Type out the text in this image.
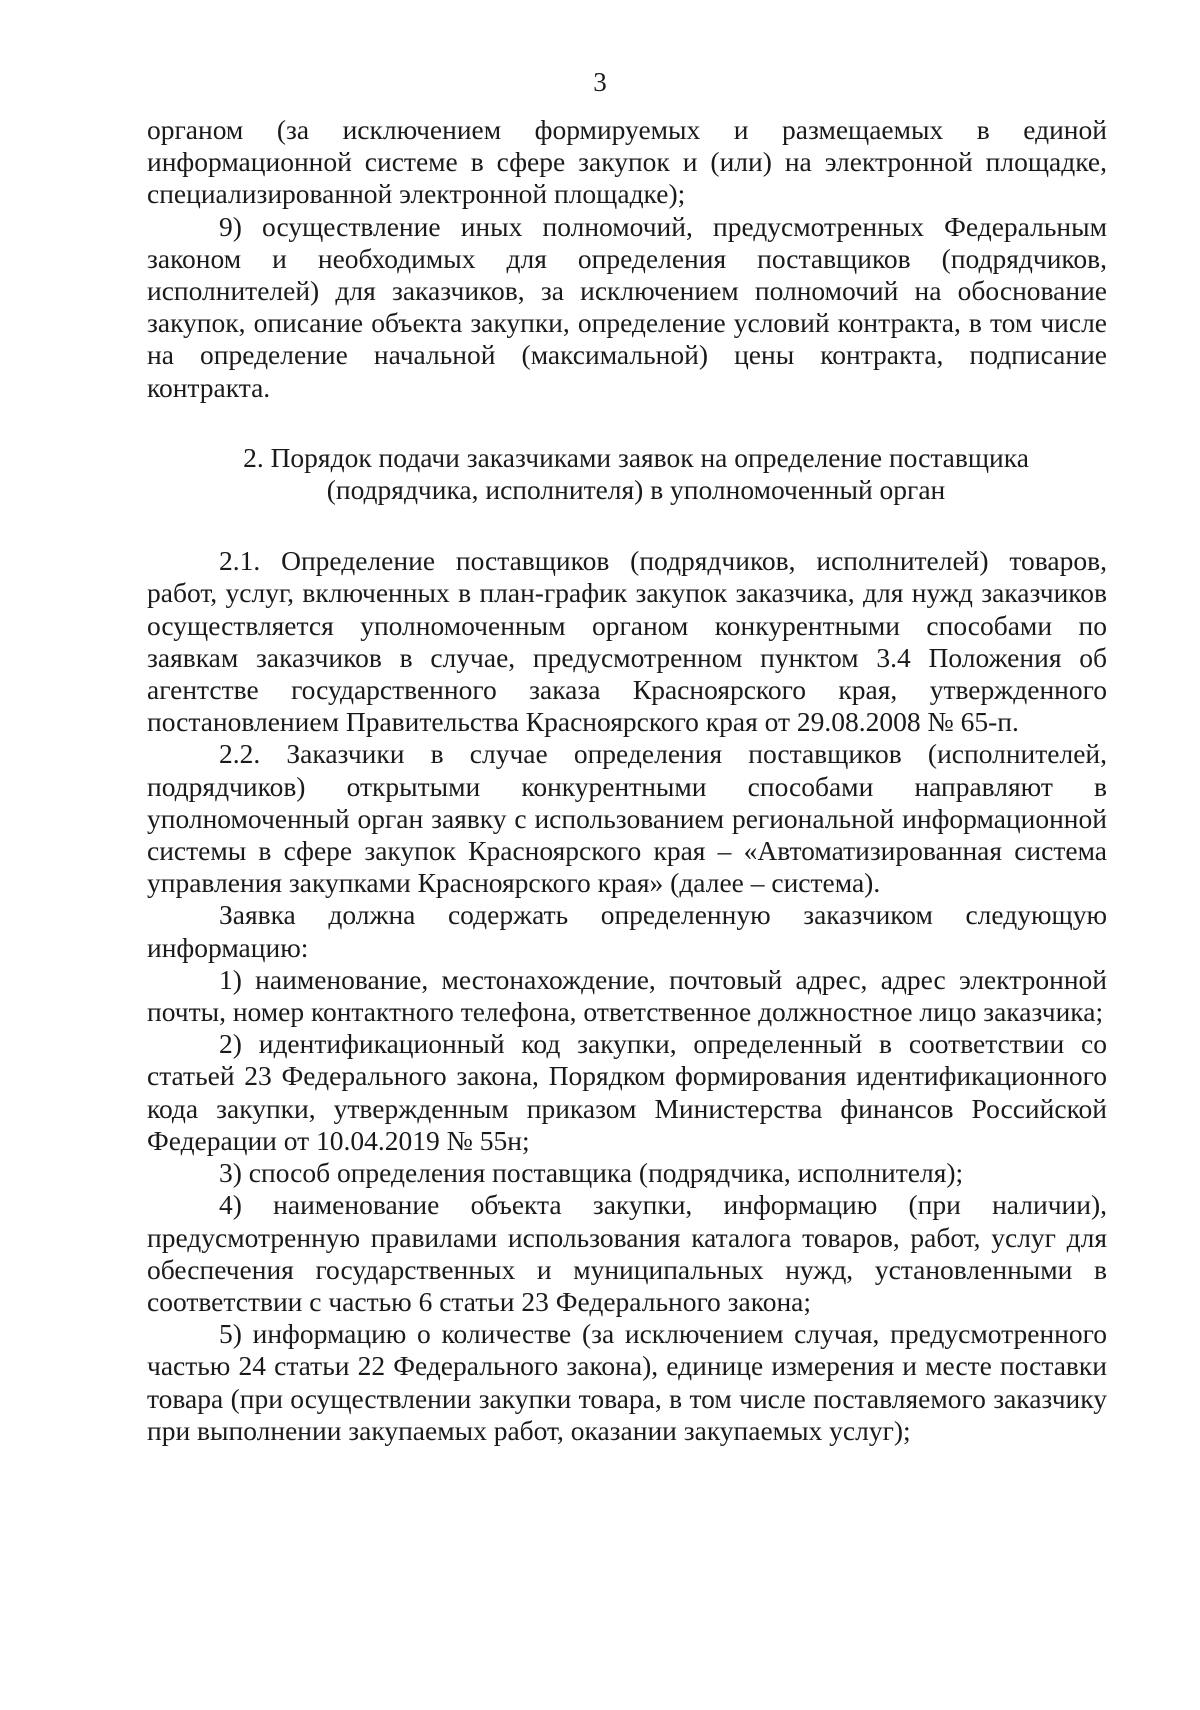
3

органом (за исключением формируемых и размещаемых в единой информационной системе в сфере закупок и (или) на электронной площадке, специализированной электронной площадке);

9) осуществление иных полномочий, предусмотренных Федеральным законом и необходимых для определения поставщиков (подрядчиков, исполнителей) для заказчиков, за исключением полномочий на обоснование закупок, описание объекта закупки, определение условий контракта, в том числе на определение начальной (максимальной) цены контракта, подписание контракта.

2. Порядок подачи заказчиками заявок на определение поставщика
(подрядчика, исполнителя) в уполномоченный орган

2.1. Определение поставщиков (подрядчиков, исполнителей) товаров, работ, услуг, включенных в план-график закупок заказчика, для нужд заказчиков осуществляется уполномоченным органом конкурентными способами по заявкам заказчиков в случае, предусмотренном пунктом 3.4 Положения об агентстве государственного заказа Красноярского края, утвержденного постановлением Правительства Красноярского края от 29.08.2008 № 65-п.

2.2. Заказчики в случае определения поставщиков (исполнителей, подрядчиков) открытыми конкурентными способами направляют в уполномоченный орган заявку с использованием региональной информационной системы в сфере закупок Красноярского края – «Автоматизированная система управления закупками Красноярского края» (далее – система).

Заявка должна содержать определенную заказчиком следующую информацию:

1) наименование, местонахождение, почтовый адрес, адрес электронной почты, номер контактного телефона, ответственное должностное лицо заказчика;

2) идентификационный код закупки, определенный в соответствии со статьей 23 Федерального закона, Порядком формирования идентификационного кода закупки, утвержденным приказом Министерства финансов Российской Федерации от 10.04.2019 № 55н;

3) способ определения поставщика (подрядчика, исполнителя);

4) наименование объекта закупки, информацию (при наличии), предусмотренную правилами использования каталога товаров, работ, услуг для обеспечения государственных и муниципальных нужд, установленными в соответствии с частью 6 статьи 23 Федерального закона;

5) информацию о количестве (за исключением случая, предусмотренного частью 24 статьи 22 Федерального закона), единице измерения и месте поставки товара (при осуществлении закупки товара, в том числе поставляемого заказчику при выполнении закупаемых работ, оказании закупаемых услуг);
